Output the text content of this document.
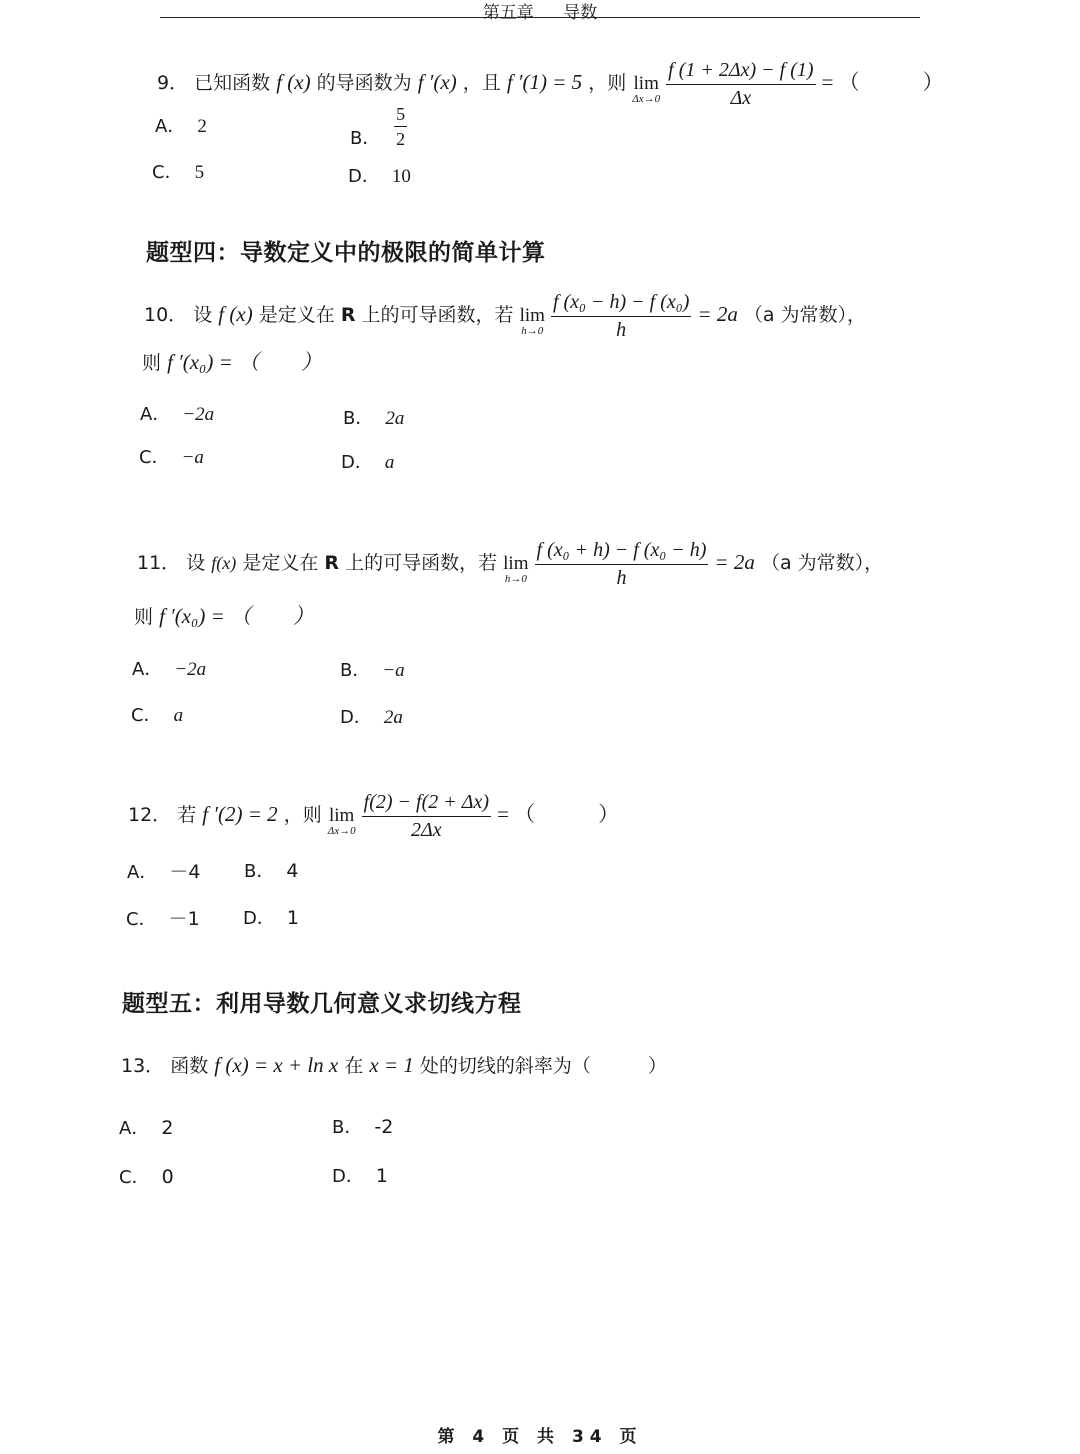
第五章 导数
9． 已知函数 f (x) 的导函数为 f ′(x) ，且 f ′(1) = 5 ，则 lim
Δx→0
$\frac{f (1 + 2\Delta x) - f (1)}{\Delta x}$ = （　　　）
A． 2
B． $\frac{5}{2}$
C． 5	D． 10
题型四：导数定义中的极限的简单计算
10． 设 f (x) 是定义在 R 上的可导函数，若 lim
h→0
$\frac{\text{f (x₀ − h) − f (x₀)}}{h} = 2a$ （a 为常数），
则 f ′(x₀) = （　　）
A． −2a	B． 2a
C． −a	D． a
11． 设 f(x) 是定义在 R 上的可导函数，若 lim
h→0
$\frac{\text{f (x₀ + h) − f (x₀ − h)}}{h} = 2a$ （a 为常数），
则 f ′(x₀) = （　　）
A． −2a	B． −a
C． a	D． 2a
12． 若 f ′(2) = 2 ，则 lim
Δx→0
$\frac{f(2) - f(2 + \Delta x)}{2\Delta x}$ = （　　　）
A． －4 B． 4
C． －1 D． 1
题型五：利用导数几何意义求切线方程
13． 函数 f (x) = x + ln x 在 x = 1 处的切线的斜率为（　　　）
A． 2	B． -2
C． 0	D． 1
第 4 页 共 34 页
